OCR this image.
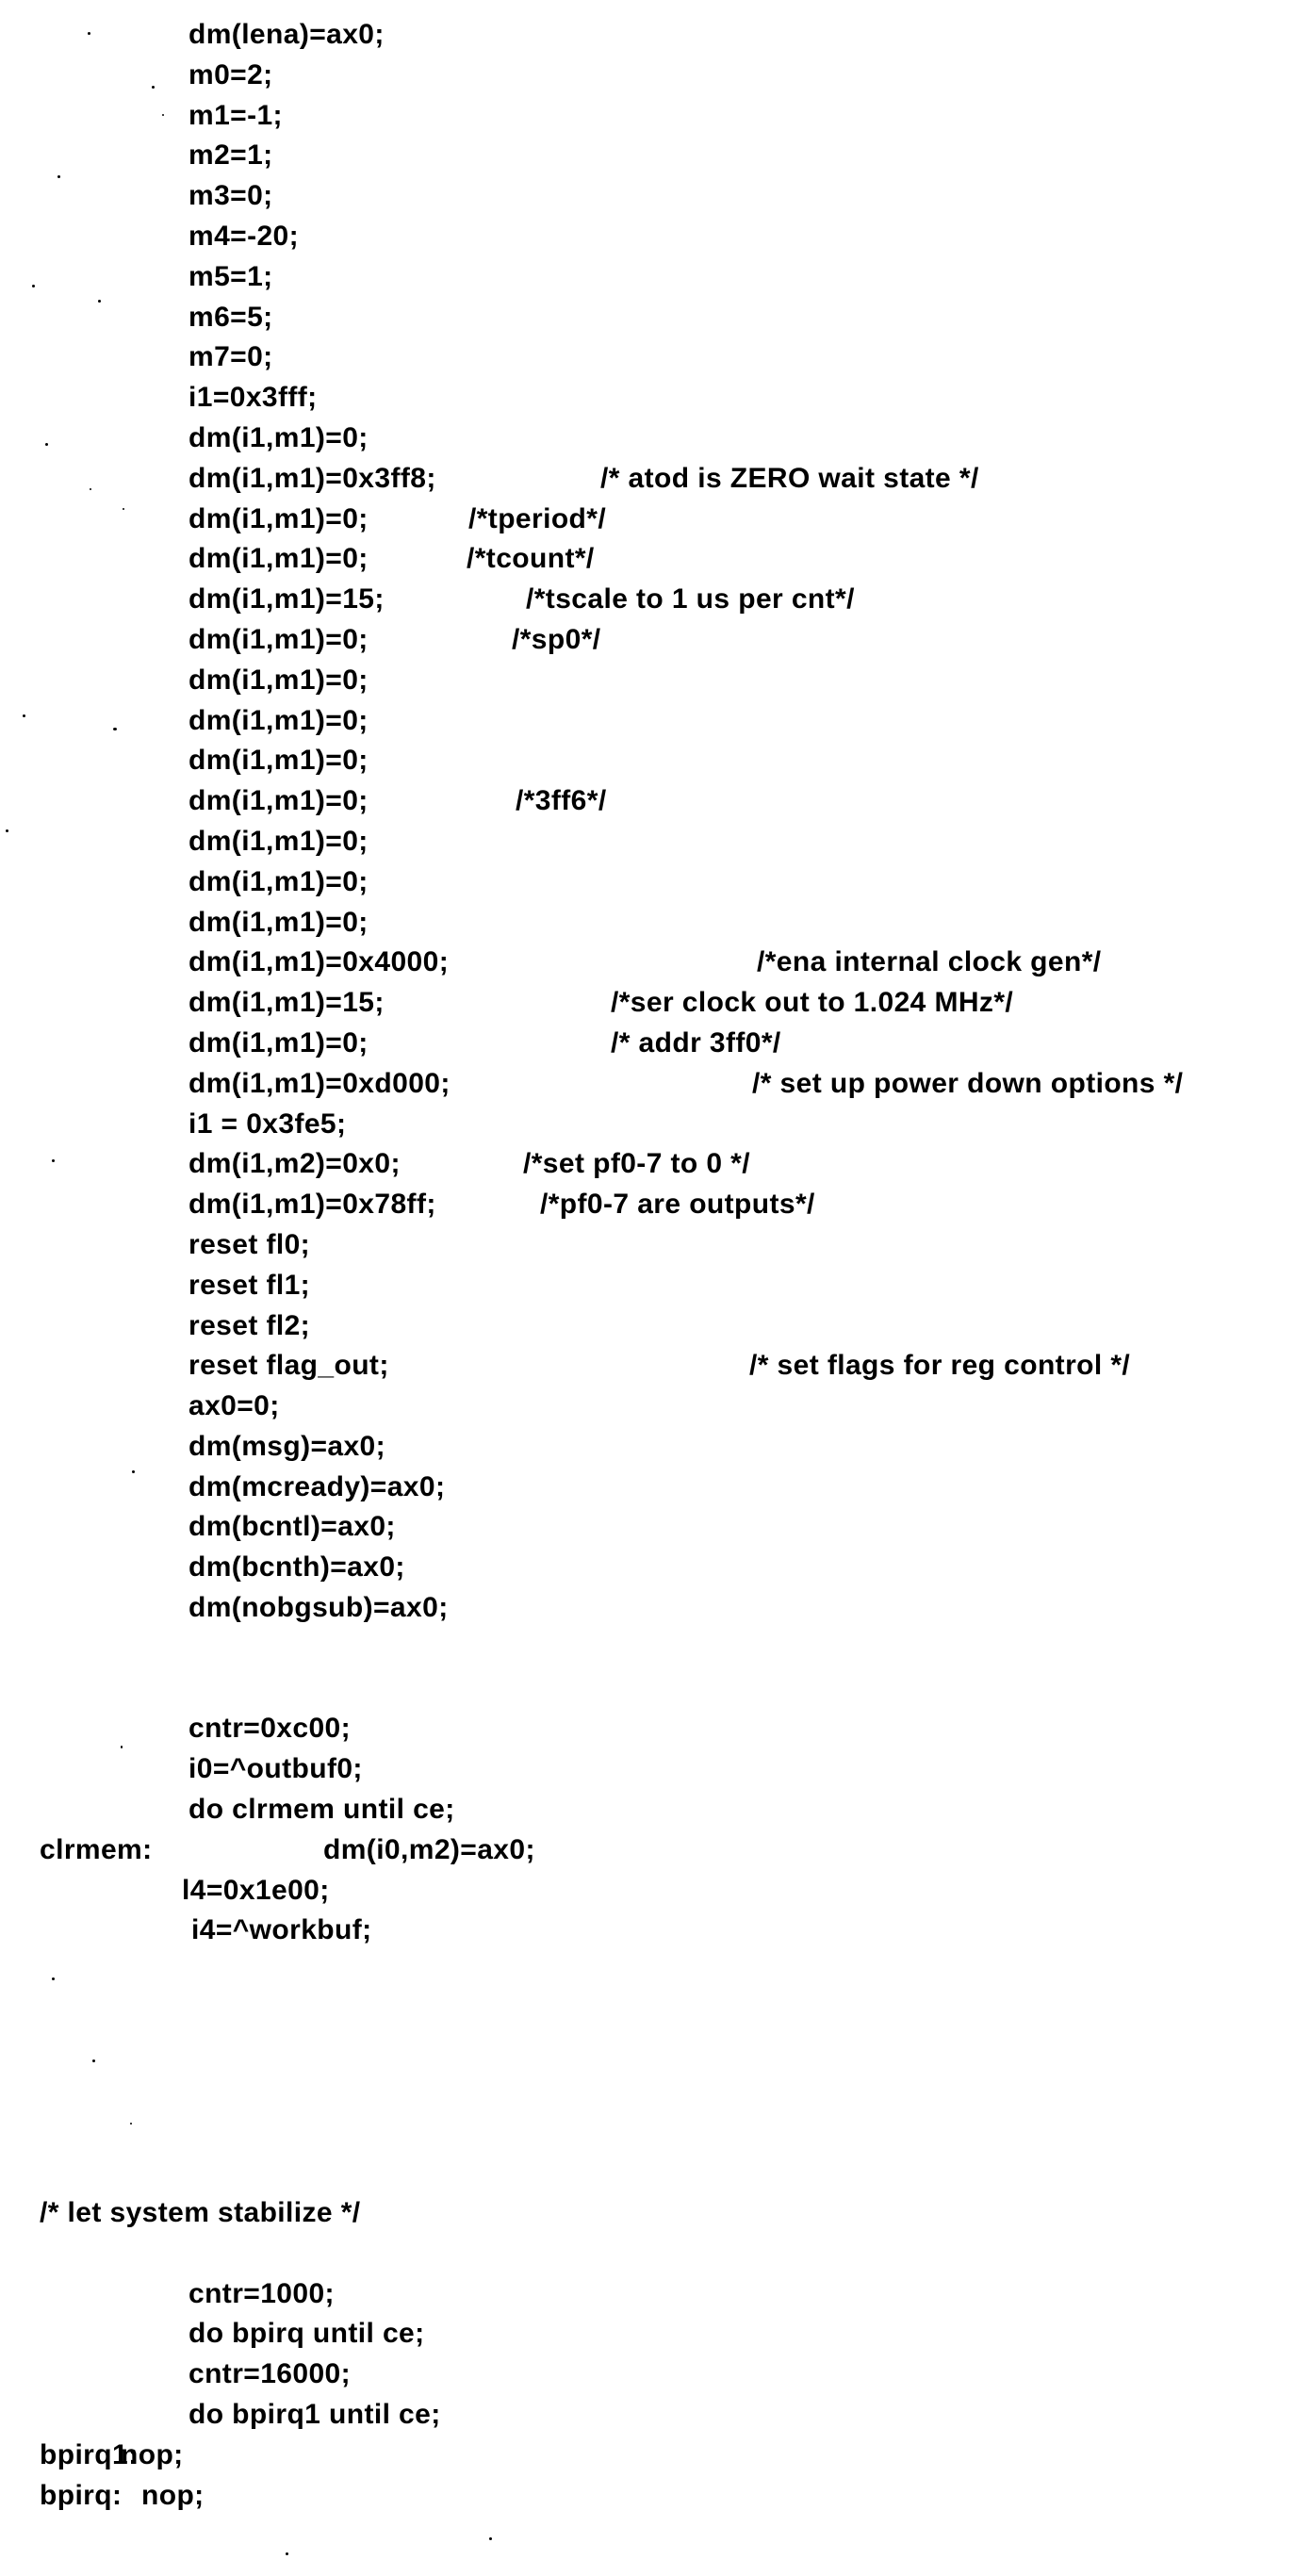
dm(lena)=ax0;
m0=2;
m1=-1;
m2=1;
m3=0;
m4=-20;
m5=1;
m6=5;
m7=0;
i1=0x3fff;
dm(i1,m1)=0;
dm(i1,m1)=0x3ff8;	/* atod is ZERO wait state */
dm(i1,m1)=0;	/*tperiod*/
dm(i1,m1)=0;	/*tcount*/
dm(i1,m1)=15;	/*tscale to 1 us per cnt*/
dm(i1,m1)=0;	/*sp0*/
dm(i1,m1)=0;
dm(i1,m1)=0;
dm(i1,m1)=0;
dm(i1,m1)=0;	/*3ff6*/
dm(i1,m1)=0;
dm(i1,m1)=0;
dm(i1,m1)=0;
dm(i1,m1)=0x4000;	/*ena internal clock gen*/
dm(i1,m1)=15;	/*ser clock out to 1.024 MHz*/
dm(i1,m1)=0;	/* addr 3ff0*/
dm(i1,m1)=0xd000;	/* set up power down options */
i1 = 0x3fe5;
dm(i1,m2)=0x0;	/*set pf0-7 to 0 */
dm(i1,m1)=0x78ff;	/*pf0-7 are outputs*/
reset fl0;
reset fl1;
reset fl2;
reset flag_out;	/* set flags for reg control */
ax0=0;
dm(msg)=ax0;
dm(mcready)=ax0;
dm(bcntl)=ax0;
dm(bcnth)=ax0;
dm(nobgsub)=ax0;
cntr=0xc00;
i0=^outbuf0;
do clrmem until ce;
clrmem:	dm(i0,m2)=ax0;
l4=0x1e00;
i4=^workbuf;
/* let system stabilize */
cntr=1000;
do bpirq until ce;
cntr=16000;
do bpirq1 until ce;
bpirq1:
nop;
bpirq: nop;
